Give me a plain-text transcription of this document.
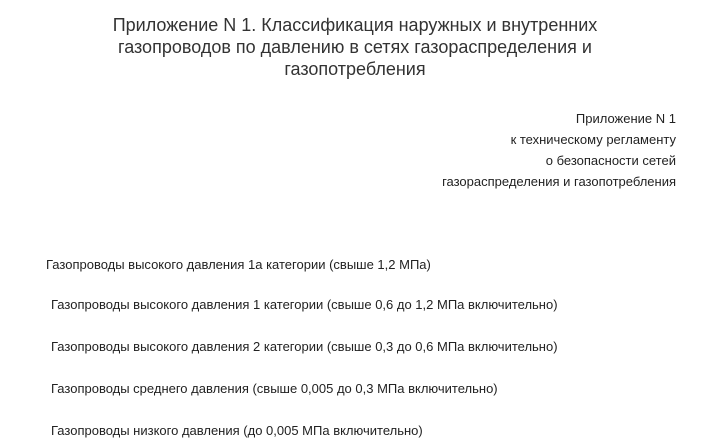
Приложение N 1. Классификация наружных и внутренних
газопроводов по давлению в сетях газораспределения и
газопотребления
Приложение N 1
к техническому регламенту
о безопасности сетей
газораспределения и газопотребления
Газопроводы высокого давления 1а категории (свыше 1,2 МПа)
Газопроводы высокого давления 1 категории (свыше 0,6 до 1,2 МПа включительно)
Газопроводы высокого давления 2 категории (свыше 0,3 до 0,6 МПа включительно)
Газопроводы среднего давления (свыше 0,005 до 0,3 МПа включительно)
Газопроводы низкого давления (до 0,005 МПа включительно)
